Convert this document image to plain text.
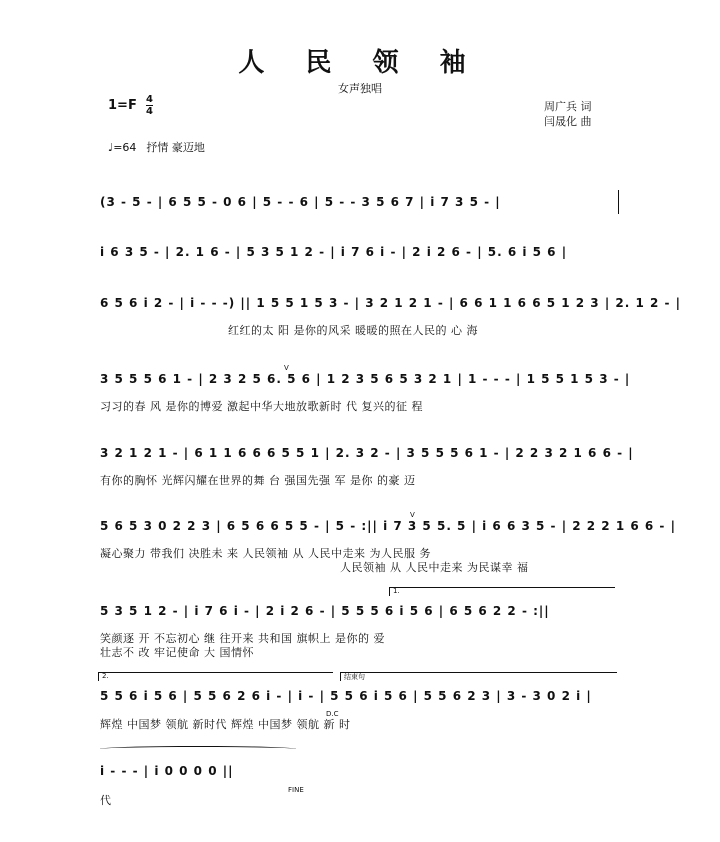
人 民 领 袖
女声独唱
1=F 4
4	周广兵 词
闫晟化 曲
♩=64 抒情 豪迈地
(3 - 5 - | 6 5 5 - 0 6 | 5 - - 6 | 5 - - 3 5 6 7 | i 7 3 5 - |
i 6 3 5 - | 2. 1 6 - | 5 3 5 1 2 - | i 7 6 i - | 2 i 2 6 - | 5. 6 i 5 6 |
6 5 6 i 2 - | i - - -) || 1 5 5 1 5 3 - | 3 2 1 2 1 - | 6 6 1 1 6 6 5 1 2 3 | 2. 1 2 - |
红红的太 阳 是你的风采 暖暖的照在人民的 心 海
3 5 5 5 6 1 - | 2 3 2 5 6. 5 6 | 1 2 3 5 6 5 3 2 1 | 1 - - - | 1 5 5 1 5 3 - |
V
习习的春 风 是你的博爱 激起中华大地放歌新时 代 复兴的征 程
3 2 1 2 1 - | 6 1 1 6 6 6 5 5 1 | 2. 3 2 - | 3 5 5 5 6 1 - | 2 2 3 2 1 6 6 - |
有你的胸怀 光辉闪耀在世界的舞 台 强国先强 军 是你 的豪 迈
5 6 5 3 0 2 2 3 | 6 5 6 6 5 5 - | 5 - :|| i 7 3 5 5. 5 | i 6 6 3 5 - | 2 2 2 1 6 6 - |
V
凝心聚力 带我们 决胜未 来 人民领袖 从 人民中走来 为人民服 务
人民领袖 从 人民中走来 为民谋幸 福
1.
5 3 5 1 2 - | i 7 6 i - | 2 i 2 6 - | 5 5 5 6 i 5 6 | 6 5 6 2 2 - :||
笑颜逐 开 不忘初心 继 往开来 共和国 旗帜上 是你的 爱
壮志不 改 牢记使命 大 国情怀
2.	结束句
5 5 6 i 5 6 | 5 5 6 2 6 i - | i - | 5 5 6 i 5 6 | 5 5 6 2 3 | 3 - 3 0 2 i |
D.C
辉煌 中国梦 领航 新时代 辉煌 中国梦 领航 新 时
i - - - | i 0 0 0 0 ||
FINE
代
